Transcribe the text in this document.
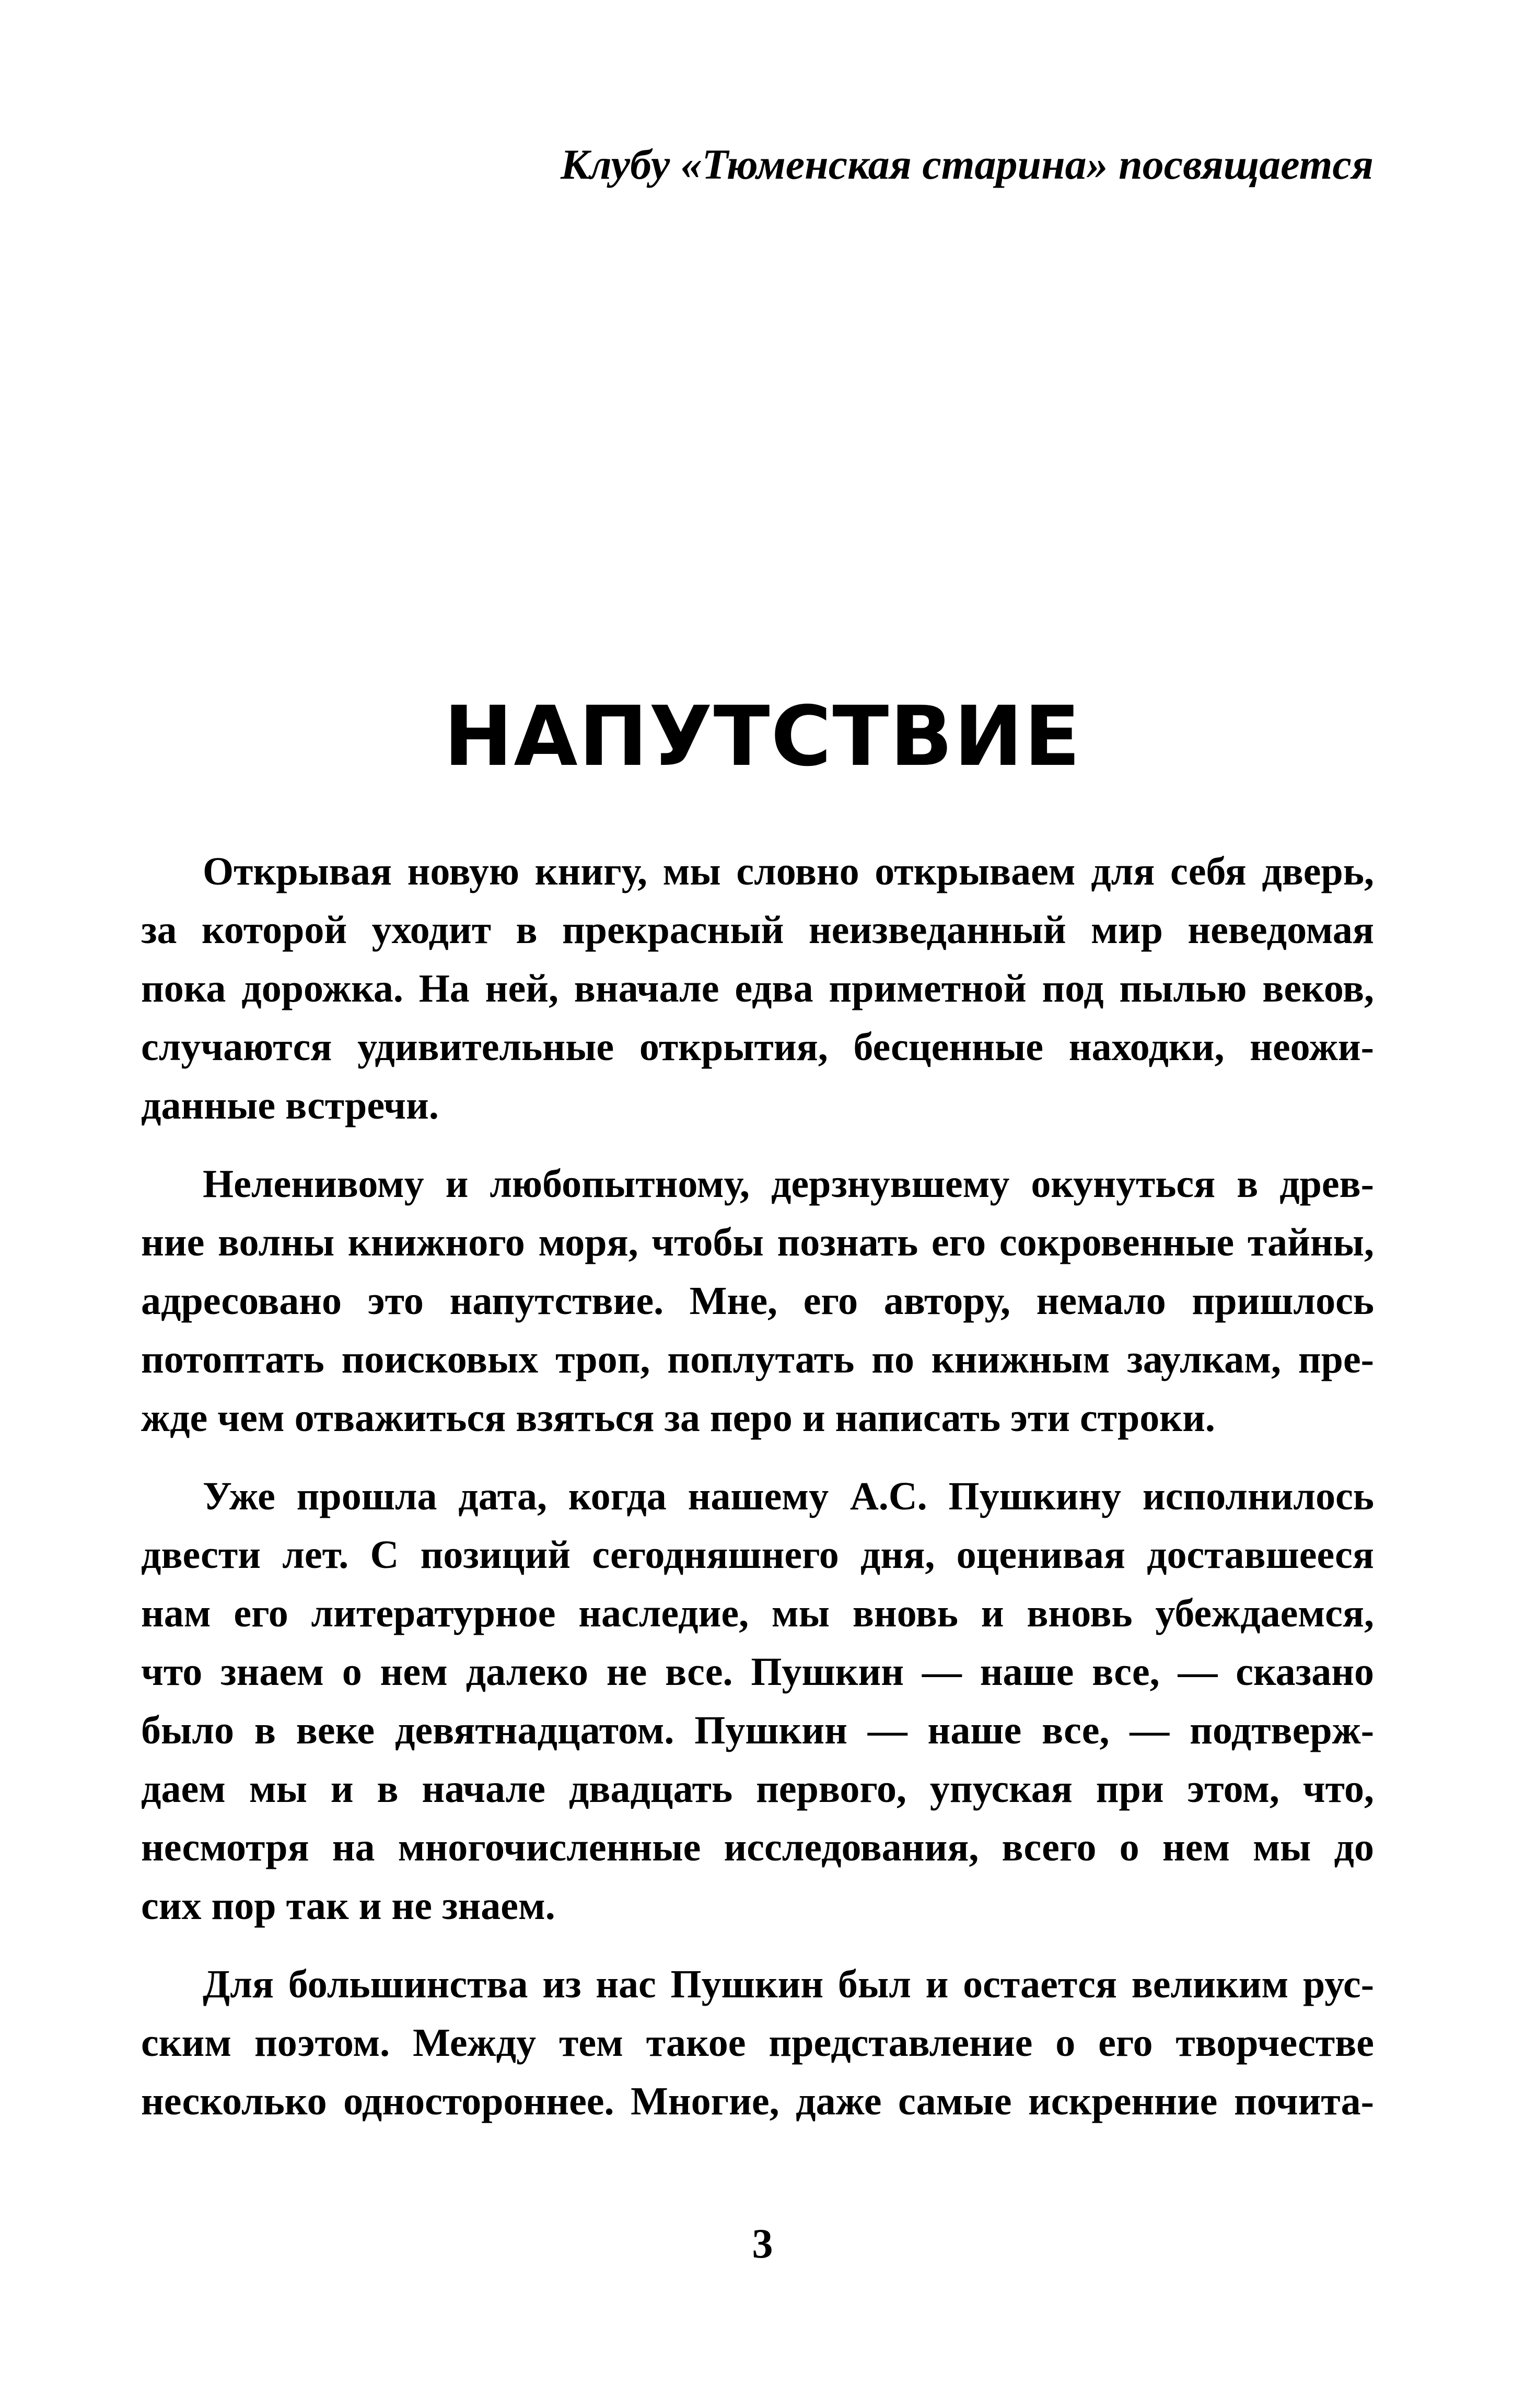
Клубу «Тюменская старина» посвящается
НАПУТСТВИЕ
Открывая новую книгу, мы словно открываем для себя дверь,
за которой уходит в прекрасный неизведанный мир неведомая
пока дорожка. На ней, вначале едва приметной под пылью веков,
случаются удивительные открытия, бесценные находки, неожи-
данные встречи.
Неленивому и любопытному, дерзнувшему окунуться в древ-
ние волны книжного моря, чтобы познать его сокровенные тайны,
адресовано это напутствие. Мне, его автору, немало пришлось
потоптать поисковых троп, поплутать по книжным заулкам, пре-
жде чем отважиться взяться за перо и написать эти строки.
Уже прошла дата, когда нашему А.С. Пушкину исполнилось
двести лет. С позиций сегодняшнего дня, оценивая доставшееся
нам его литературное наследие, мы вновь и вновь убеждаемся,
что знаем о нем далеко не все. Пушкин — наше все, — сказано
было в веке девятнадцатом. Пушкин — наше все, — подтверж-
даем мы и в начале двадцать первого, упуская при этом, что,
несмотря на многочисленные исследования, всего о нем мы до
сих пор так и не знаем.
Для большинства из нас Пушкин был и остается великим рус-
ским поэтом. Между тем такое представление о его творчестве
несколько одностороннее. Многие, даже самые искренние почита-
3
